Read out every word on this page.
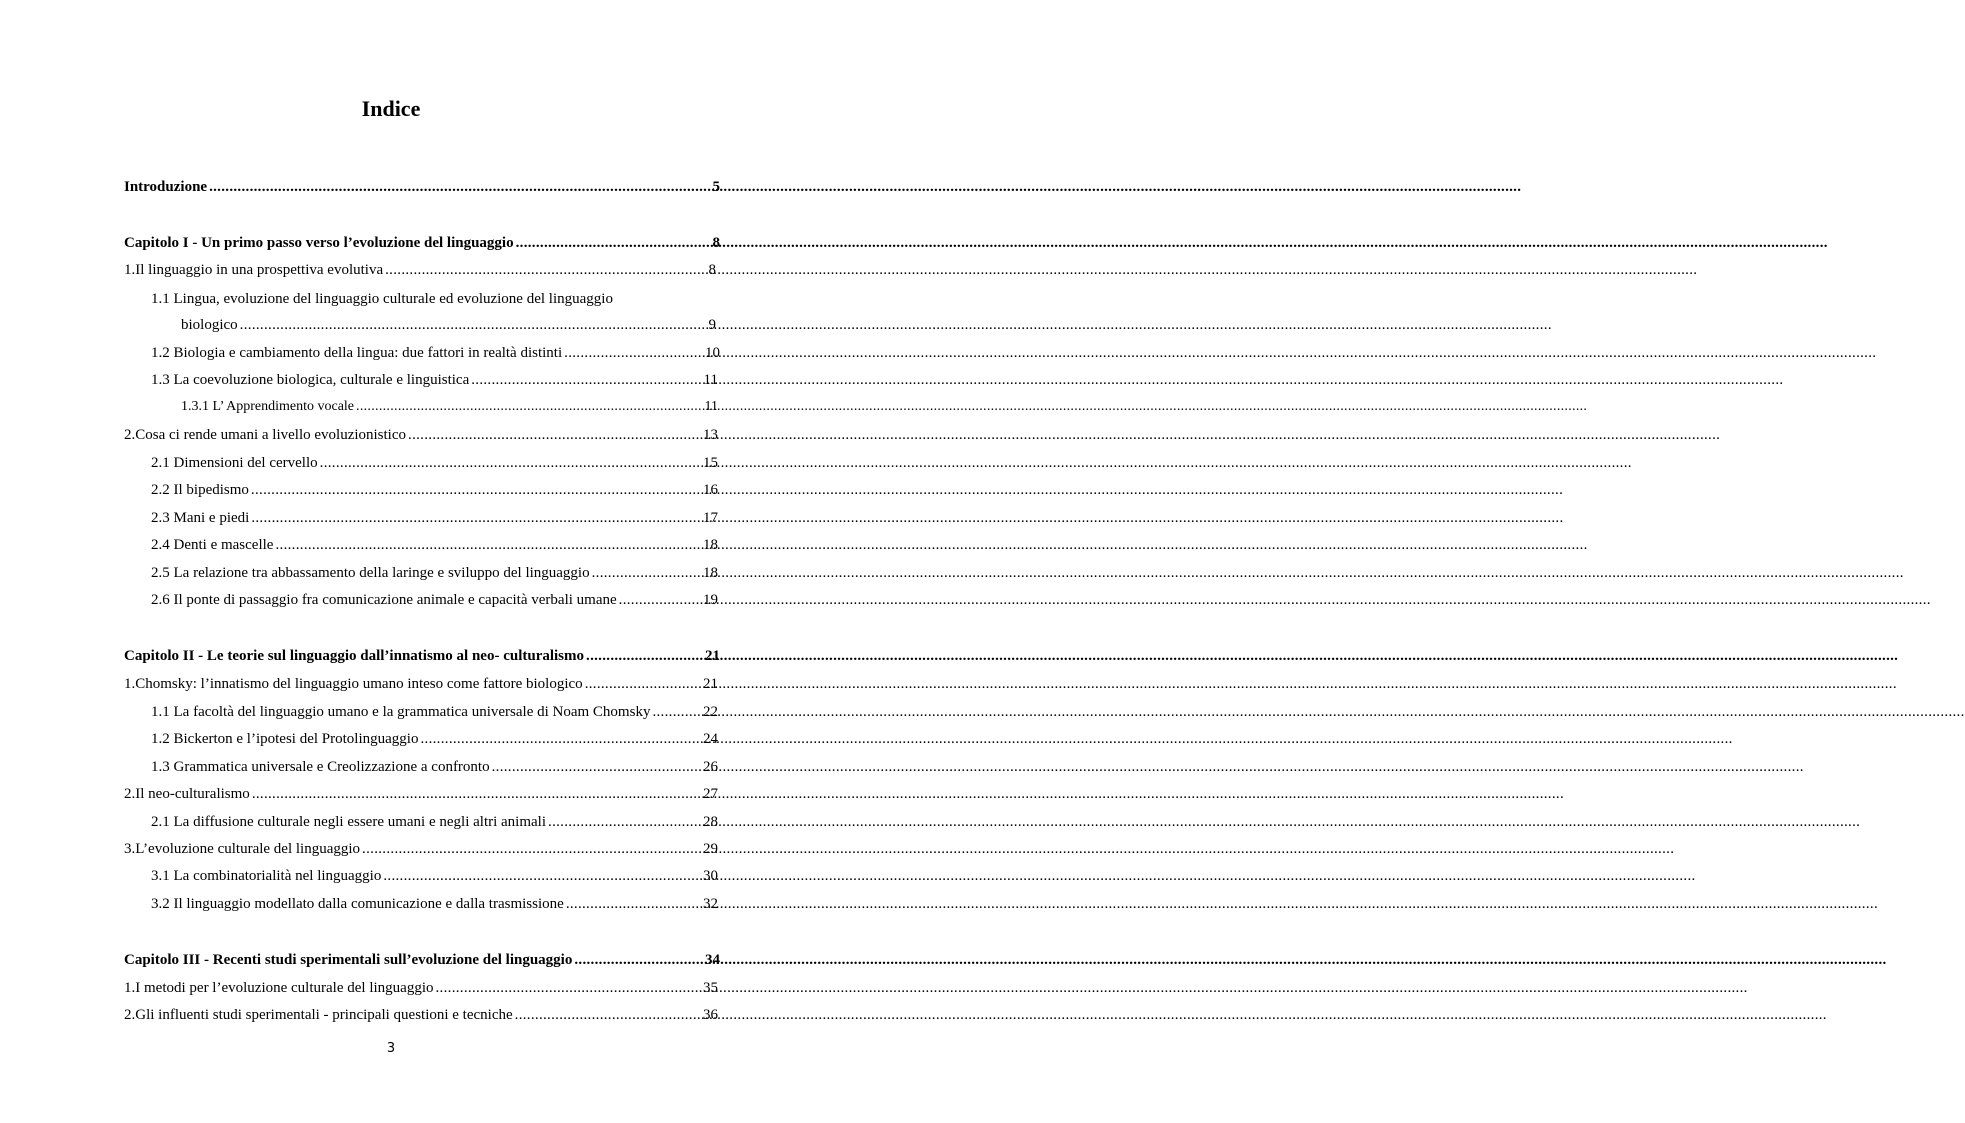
Indice
Introduzione .....	5
Capitolo I - Un primo passo verso l’evoluzione del linguaggio .....	8
1. Il linguaggio in una prospettiva evolutiva .....	8
1.1 Lingua, evoluzione del linguaggio culturale ed evoluzione del linguaggio
biologico .....	9
1.2 Biologia e cambiamento della lingua: due fattori in realtà distinti .....	10
1.3 La coevoluzione biologica, culturale e linguistica .....	11
1.3.1 L’ Apprendimento vocale .....	11
2. Cosa ci rende umani a livello evoluzionistico .....	13
2.1 Dimensioni del cervello .....	15
2.2 Il bipedismo .....	16
2.3 Mani e piedi .....	17
2.4 Denti e mascelle .....	18
2.5 La relazione tra abbassamento della laringe e sviluppo del linguaggio .....	18
2.6 Il ponte di passaggio fra comunicazione animale e capacità verbali umane .....	19
Capitolo II - Le teorie sul linguaggio dall’innatismo al neo- culturalismo .....	21
1. Chomsky: l’innatismo del linguaggio umano inteso come fattore biologico .....	21
1.1 La facoltà del linguaggio umano e la grammatica universale di Noam Chomsky .....	22
1.2 Bickerton e l’ipotesi del Protolinguaggio .....	24
1.3 Grammatica universale e Creolizzazione a confronto .....	26
2. Il neo-culturalismo .....	27
2.1 La diffusione culturale negli essere umani e negli altri animali .....	28
3. L’evoluzione culturale del linguaggio .....	29
3.1 La combinatorialità nel linguaggio .....	30
3.2 Il linguaggio modellato dalla comunicazione e dalla trasmissione .....	32
Capitolo III - Recenti studi sperimentali sull’evoluzione del linguaggio .....	34
1. I metodi per l’evoluzione culturale del linguaggio .....	35
2. Gli influenti studi sperimentali - principali questioni e tecniche .....	36
3
